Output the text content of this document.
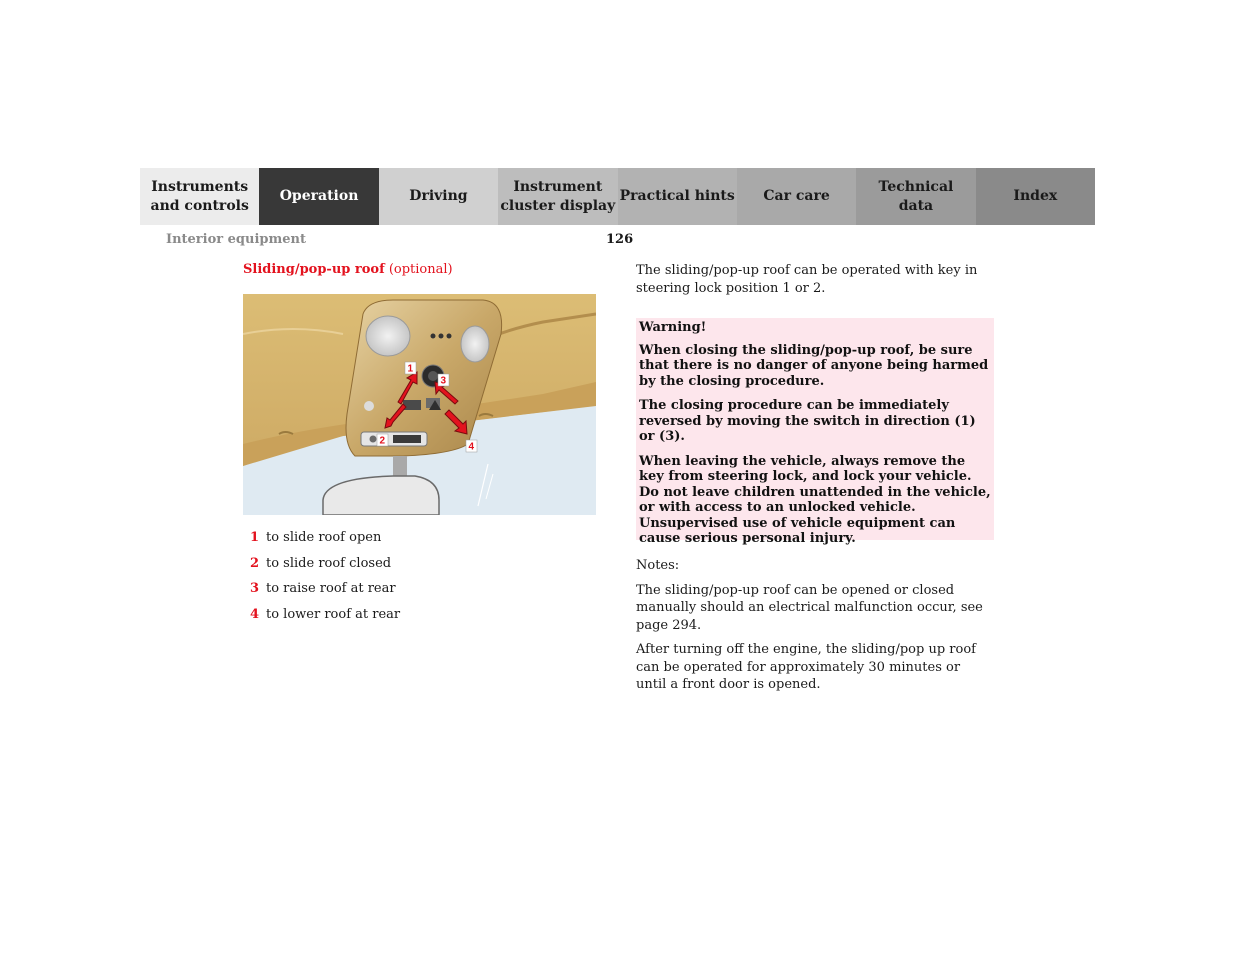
Instruments
and controls
Operation	Driving
Instrument
cluster display
Practical hints	Car care
Technical
data
Index
Interior equipment	126
Sliding/pop-up roof (optional)
1
2
3
4
1 to slide roof open
2 to slide roof closed
3 to raise roof at rear
4 to lower roof at rear

The sliding/pop-up roof can be operated with key in steering lock position 1 or 2.

Warning!

When closing the sliding/pop-up roof, be sure that there is no danger of anyone being harmed by the closing procedure.

The closing procedure can be immediately reversed by moving the switch in direction (1) or (3).

When leaving the vehicle, always remove the key from steering lock, and lock your vehicle. Do not leave children unattended in the vehicle, or with access to an unlocked vehicle. Unsupervised use of vehicle equipment can cause serious personal injury.

Notes:

The sliding/pop-up roof can be opened or closed manually should an electrical malfunction occur, see page 294.

After turning off the engine, the sliding/pop up roof can be operated for approximately 30 minutes or until a front door is opened.
